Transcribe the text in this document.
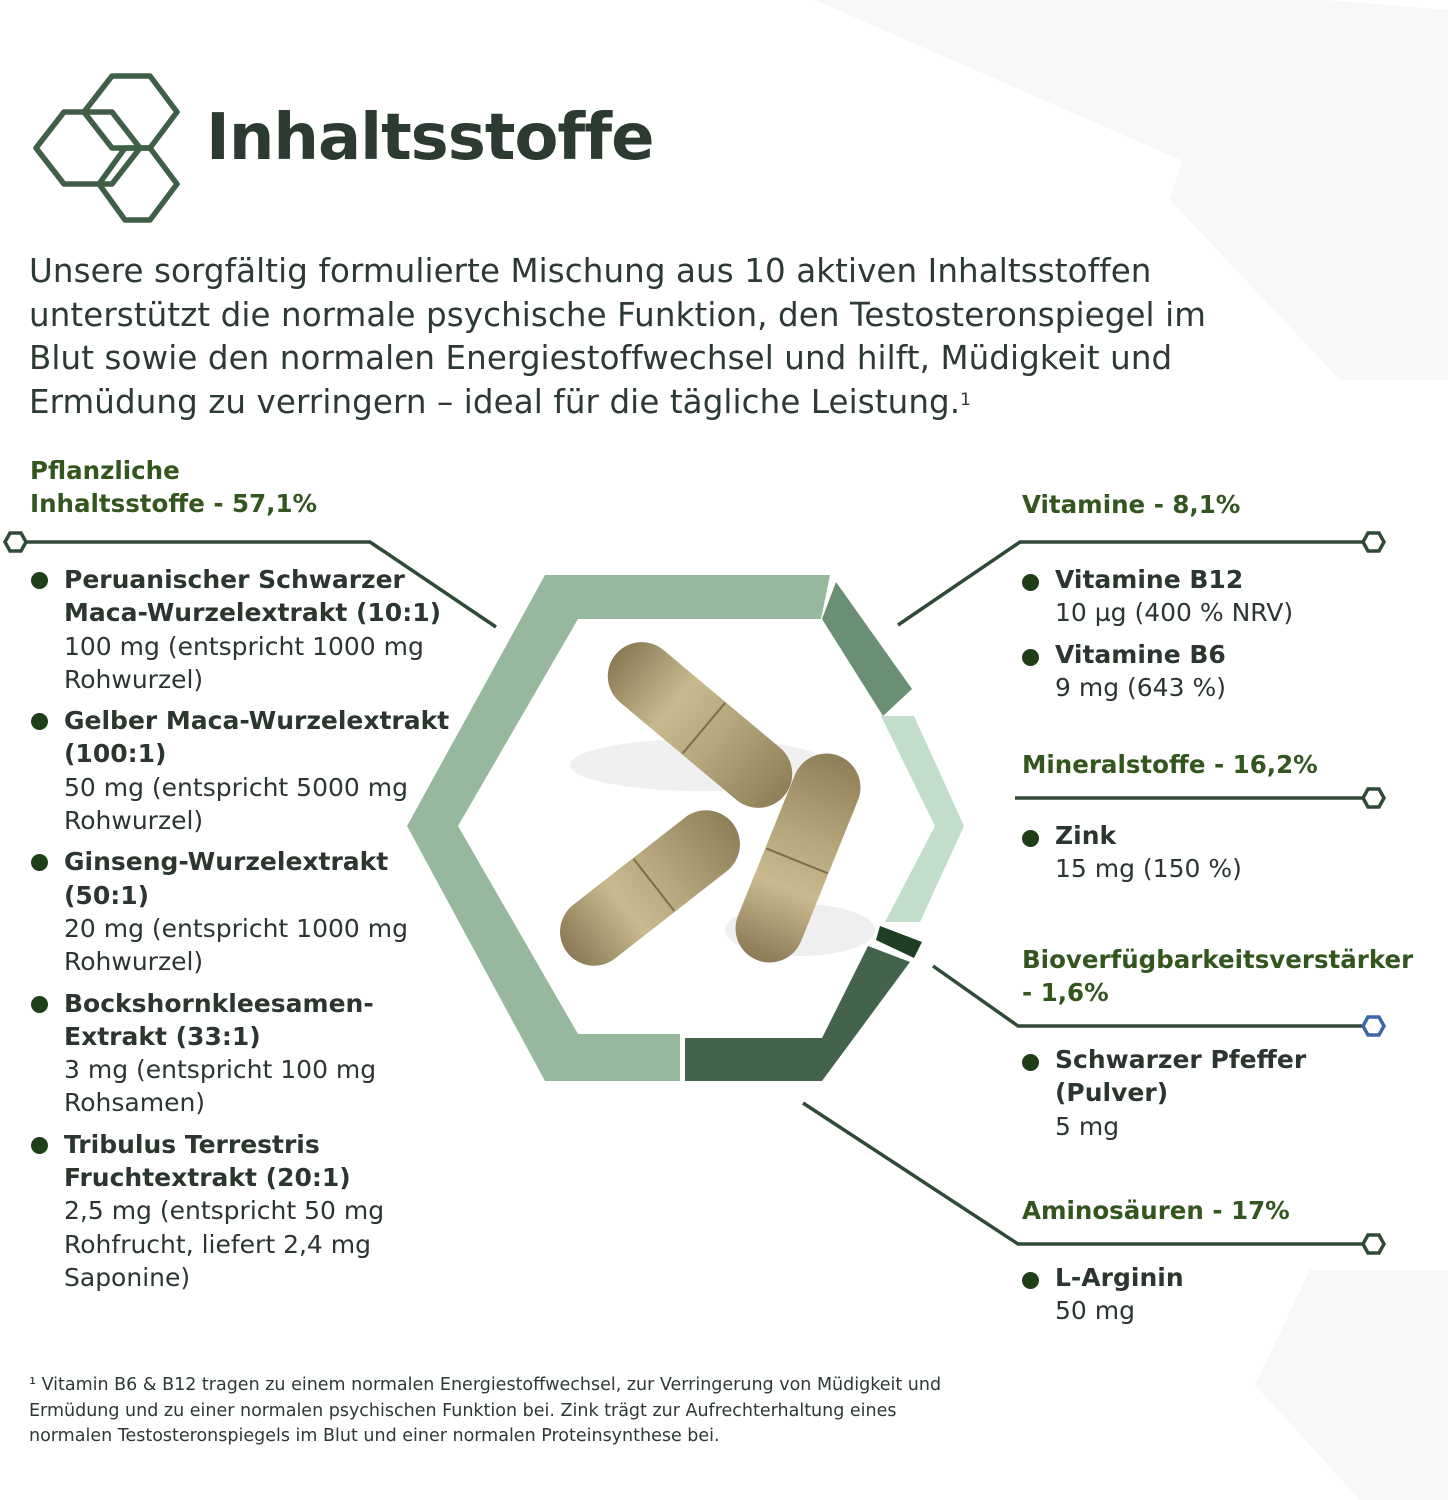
Inhaltsstoffe

Unsere sorgfältig formulierte Mischung aus 10 aktiven Inhaltsstoffen unterstützt die normale psychische Funktion, den Testosteronspiegel im Blut sowie den normalen Energiestoffwechsel und hilft, Müdigkeit und Ermüdung zu verringern – ideal für die tägliche Leistung.$^1$

Pflanzliche
Inhaltsstoffe - 57,1%
Peruanischer Schwarzer Maca-Wurzelextrakt (10:1)
100 mg (entspricht 1000 mg Rohwurzel)
Gelber Maca-Wurzelextrakt (100:1)
50 mg (entspricht 5000 mg Rohwurzel)
Ginseng-Wurzelextrakt (50:1)
20 mg (entspricht 1000 mg Rohwurzel)
Bockshornkleesamen-Extrakt (33:1)
3 mg (entspricht 100 mg Rohsamen)
Tribulus Terrestris Fruchtextrakt (20:1)
2,5 mg (entspricht 50 mg Rohfrucht, liefert 2,4 mg Saponine)
Vitamine - 8,1%
Vitamine B12
10 µg (400 % NRV)
Vitamine B6
9 mg (643 %)
Mineralstoffe - 16,2%
Zink
15 mg (150 %)
Bioverfügbarkeitsverstärker
- 1,6%
Schwarzer Pfeffer (Pulver)
5 mg
Aminosäuren - 17%
L-Arginin
50 mg

¹ Vitamin B6 & B12 tragen zu einem normalen Energiestoffwechsel, zur Verringerung von Müdigkeit und
Ermüdung und zu einer normalen psychischen Funktion bei. Zink trägt zur Aufrechterhaltung eines
normalen Testosteronspiegels im Blut und einer normalen Proteinsynthese bei.
